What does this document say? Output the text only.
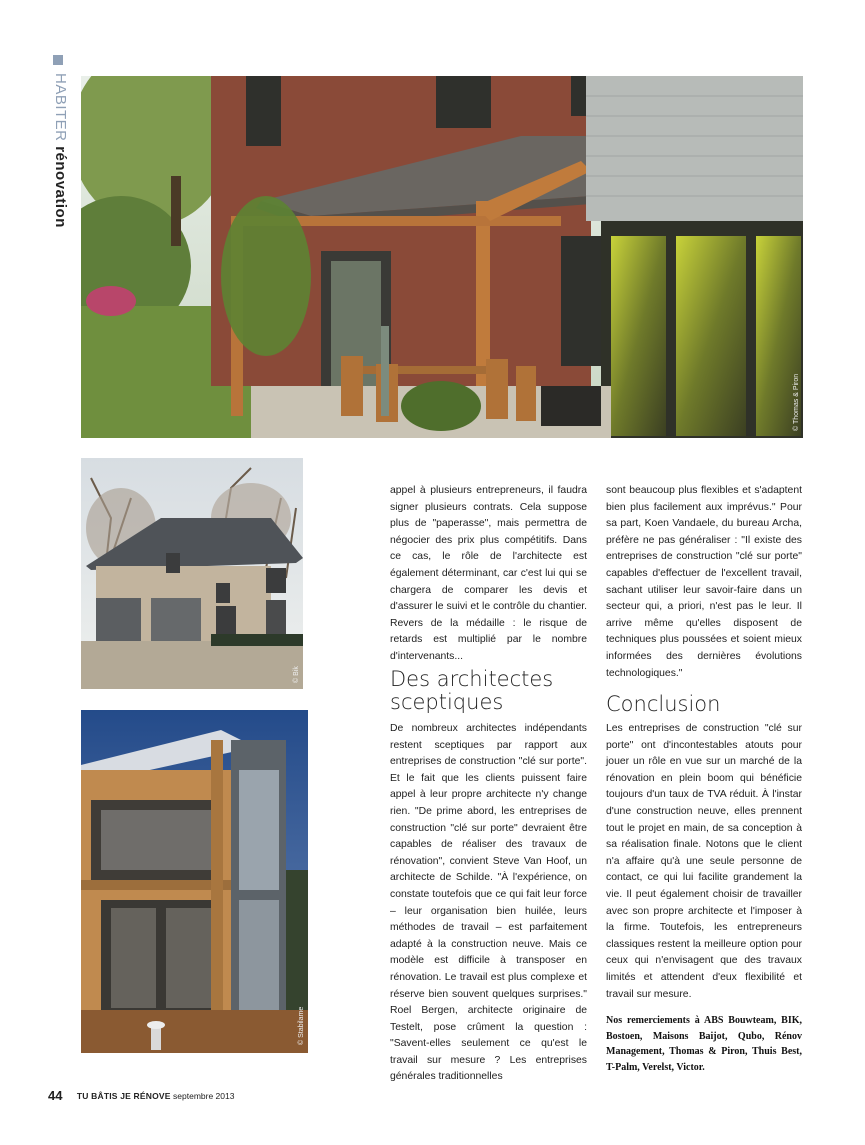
HABITER rénovation
© Thomas & Piron
© Bik
© Stabilame

appel à plusieurs entrepreneurs, il faudra signer plusieurs contrats. Cela suppose plus de "paperasse", mais permettra de négocier des prix plus compétitifs. Dans ce cas, le rôle de l'architecte est également déterminant, car c'est lui qui se chargera de comparer les devis et d'assurer le suivi et le contrôle du chantier. Revers de la médaille : le risque de retards est multiplié par le nombre d'intervenants...

Des architectes sceptiques

De nombreux architectes indépendants restent sceptiques par rapport aux entreprises de construction "clé sur porte". Et le fait que les clients puissent faire appel à leur propre architecte n'y change rien. "De prime abord, les entreprises de construction "clé sur porte" devraient être capables de réaliser des travaux de rénovation", convient Steve Van Hoof, un architecte de Schilde. "À l'expérience, on constate toutefois que ce qui fait leur force – leur organisation bien huilée, leurs méthodes de travail – est parfaitement adapté à la construction neuve. Mais ce modèle est difficile à transposer en rénovation. Le travail est plus complexe et réserve bien souvent quelques surprises." Roel Bergen, architecte originaire de Testelt, pose crûment la question : "Savent-elles seulement ce qu'est le travail sur mesure ? Les entreprises générales traditionnelles

sont beaucoup plus flexibles et s'adaptent bien plus facilement aux imprévus." Pour sa part, Koen Vandaele, du bureau Archa, préfère ne pas généraliser : "Il existe des entreprises de construction "clé sur porte" capables d'effectuer de l'excellent travail, sachant utiliser leur savoir-faire dans un secteur qui, a priori, n'est pas le leur. Il arrive même qu'elles disposent de techniques plus poussées et soient mieux informées des dernières évolutions technologiques."

Conclusion

Les entreprises de construction "clé sur porte" ont d'incontestables atouts pour jouer un rôle en vue sur un marché de la rénovation en plein boom qui bénéficie toujours d'un taux de TVA réduit. À l'instar d'une construction neuve, elles prennent tout le projet en main, de sa conception à sa réalisation finale. Notons que le client n'a affaire qu'à une seule personne de contact, ce qui lui facilite grandement la vie. Il peut également choisir de travailler avec son propre architecte et l'imposer à la firme. Toutefois, les entrepreneurs classiques restent la meilleure option pour ceux qui n'envisagent que des travaux limités et attendent d'eux flexibilité et travail sur mesure.

Nos remerciements à ABS Bouwteam, BIK, Bostoen, Maisons Baijot, Qubo, Rénov Management, Thomas & Piron, Thuis Best, T-Palm, Verelst, Victor.
44 TU BÂTIS JE RÉNOVE septembre 2013
